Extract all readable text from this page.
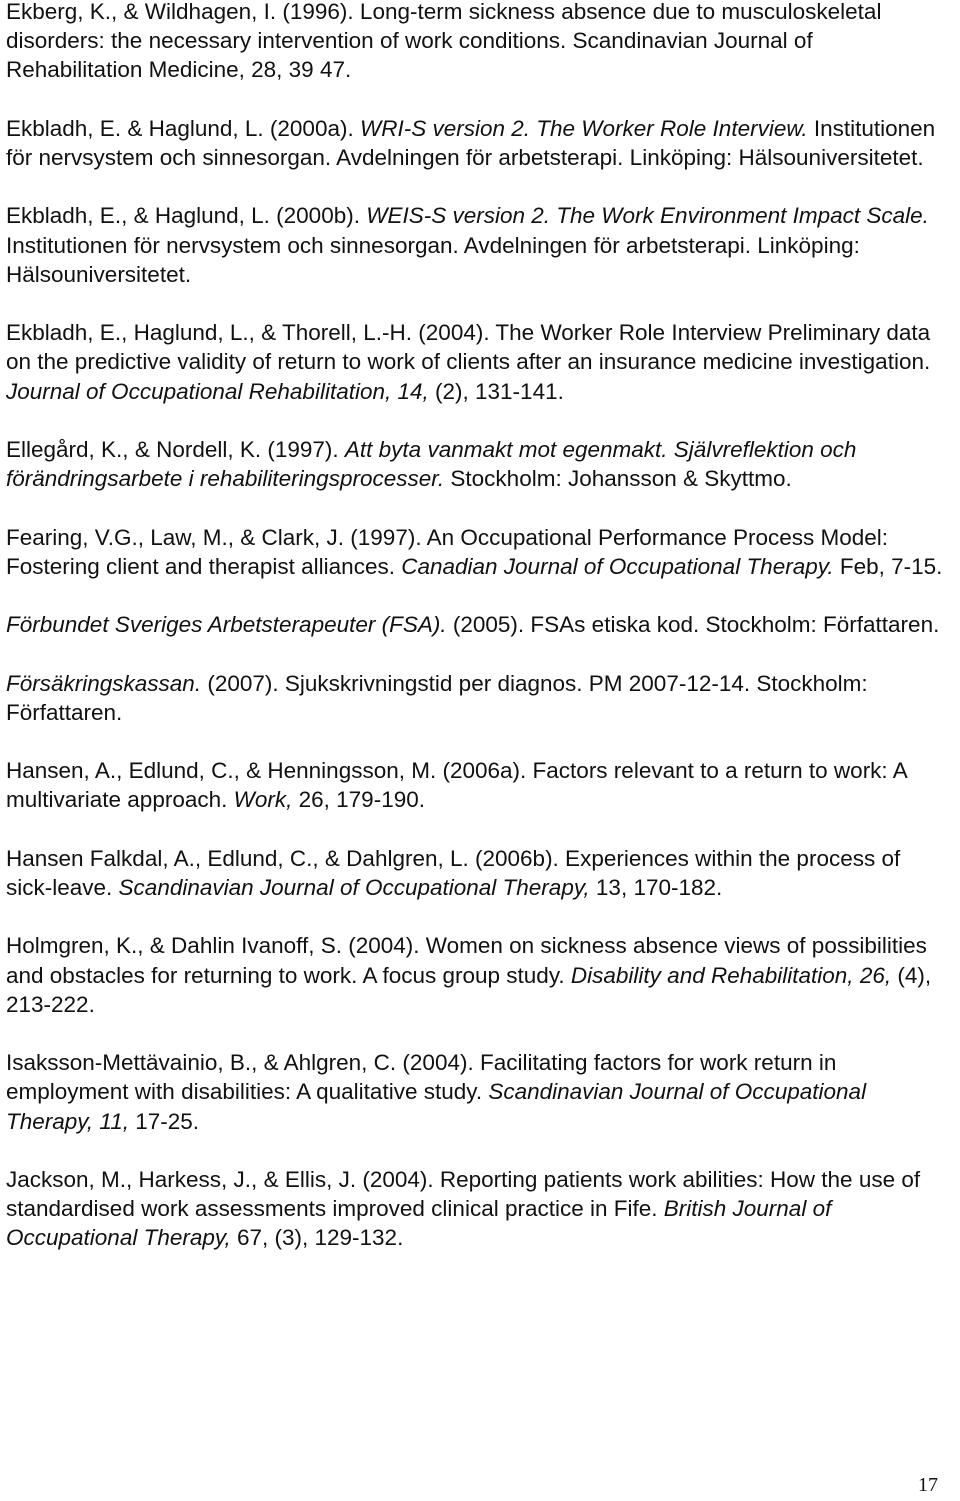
Ekberg, K., & Wildhagen, I. (1996). Long-term sickness absence due to musculoskeletal disorders: the necessary intervention of work conditions. Scandinavian Journal of Rehabilitation Medicine, 28, 39 47.
Ekbladh, E. & Haglund, L. (2000a). WRI-S version 2. The Worker Role Interview. Institutionen för nervsystem och sinnesorgan. Avdelningen för arbetsterapi. Linköping: Hälsouniversitetet.
Ekbladh, E., & Haglund, L. (2000b). WEIS-S version 2. The Work Environment Impact Scale. Institutionen för nervsystem och sinnesorgan. Avdelningen för arbetsterapi. Linköping: Hälsouniversitetet.
Ekbladh, E., Haglund, L., & Thorell, L.-H. (2004). The Worker Role Interview Preliminary data on the predictive validity of return to work of clients after an insurance medicine investigation. Journal of Occupational Rehabilitation, 14, (2), 131-141.
Ellegård, K., & Nordell, K. (1997). Att byta vanmakt mot egenmakt. Självreflektion och förändringsarbete i rehabiliteringsprocesser. Stockholm: Johansson & Skyttmo.
Fearing, V.G., Law, M., & Clark, J. (1997). An Occupational Performance Process Model: Fostering client and therapist alliances. Canadian Journal of Occupational Therapy. Feb, 7-15.
Förbundet Sveriges Arbetsterapeuter (FSA). (2005). FSAs etiska kod. Stockholm: Författaren.
Försäkringskassan. (2007). Sjukskrivningstid per diagnos. PM 2007-12-14. Stockholm: Författaren.
Hansen, A., Edlund, C., & Henningsson, M. (2006a). Factors relevant to a return to work: A multivariate approach. Work, 26, 179-190.
Hansen Falkdal, A., Edlund, C., & Dahlgren, L. (2006b). Experiences within the process of sick-leave. Scandinavian Journal of Occupational Therapy, 13, 170-182.
Holmgren, K., & Dahlin Ivanoff, S. (2004). Women on sickness absence views of possibilities and obstacles for returning to work. A focus group study. Disability and Rehabilitation, 26, (4), 213-222.
Isaksson-Mettävainio, B., & Ahlgren, C. (2004). Facilitating factors for work return in employment with disabilities: A qualitative study. Scandinavian Journal of Occupational Therapy, 11, 17-25.
Jackson, M., Harkess, J., & Ellis, J. (2004). Reporting patients work abilities: How the use of standardised work assessments improved clinical practice in Fife. British Journal of Occupational Therapy, 67, (3), 129-132.
17
